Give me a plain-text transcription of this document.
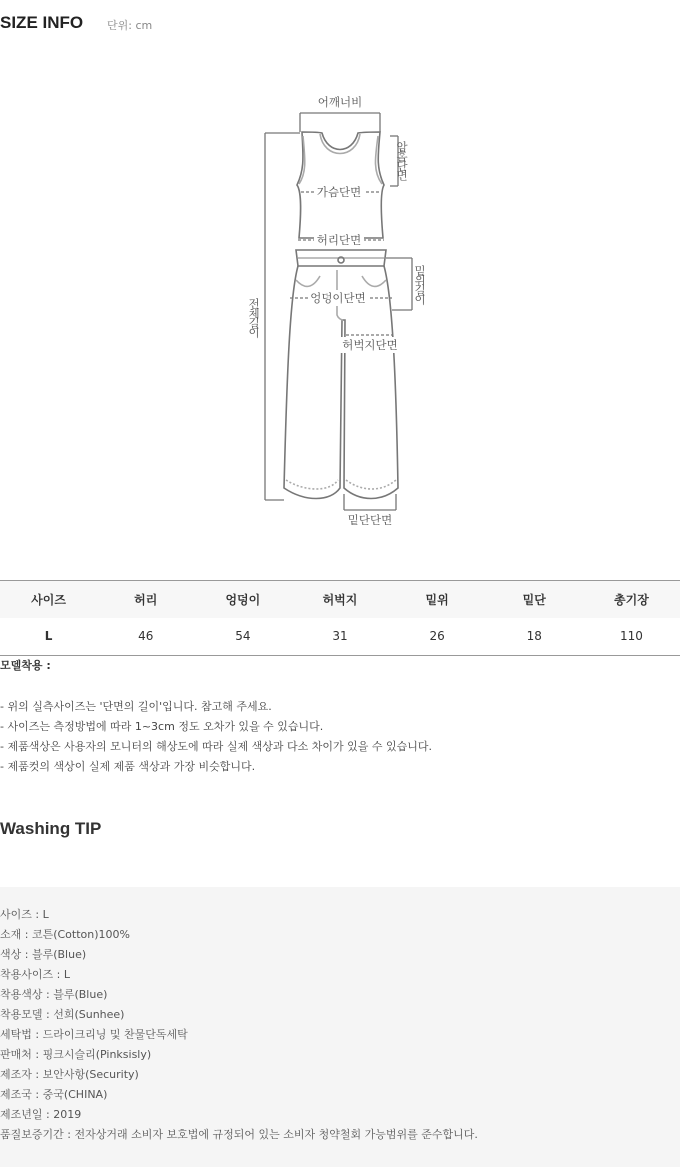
SIZE INFO 단위: cm
어깨너비
가슴단면
허리단면
엉덩이단면
허벅지단면
밑단단면
암홀단면
밑위길이
전체길이
사이즈	허리	엉덩이	허벅지	밑위	밑단	총기장
L	46	54	31	26	18	110
모델착용 :
- 위의 실측사이즈는 '단면의 길이'입니다. 참고해 주세요.
- 사이즈는 측정방법에 따라 1~3cm 정도 오차가 있을 수 있습니다.
- 제품색상은 사용자의 모니터의 해상도에 따라 실제 색상과 다소 차이가 있을 수 있습니다.
- 제품컷의 색상이 실제 제품 색상과 가장 비슷합니다.
Washing TIP
사이즈 : L
소재 : 코튼(Cotton)100%
색상 : 블루(Blue)
착용사이즈 : L
착용색상 : 블루(Blue)
착용모델 : 선희(Sunhee)
세탁법 : 드라이크리닝 및 찬물단독세탁
판매처 : 핑크시슬리(Pinksisly)
제조자 : 보안사항(Security)
제조국 : 중국(CHINA)
제조년일 : 2019
품질보증기간 : 전자상거래 소비자 보호법에 규정되어 있는 소비자 청약철회 가능범위를 준수합니다.
